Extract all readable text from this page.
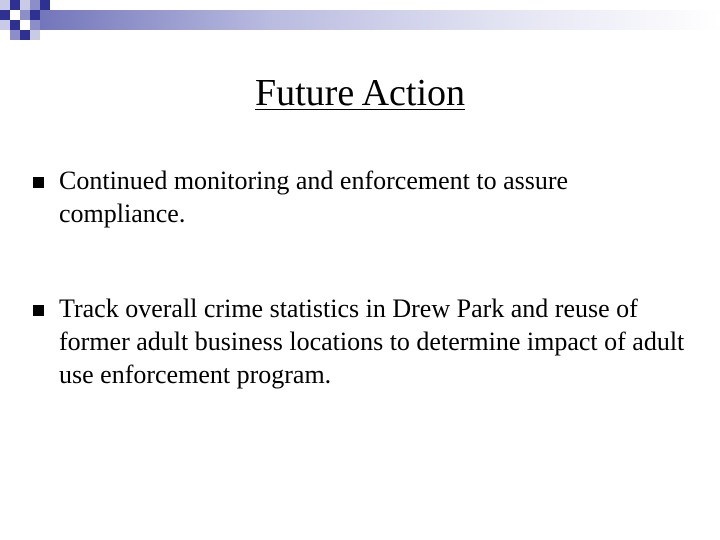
Future Action
Continued monitoring and enforcement to assure compliance.
Track overall crime statistics in Drew Park and reuse of former adult business locations to determine impact of adult use enforcement program.
